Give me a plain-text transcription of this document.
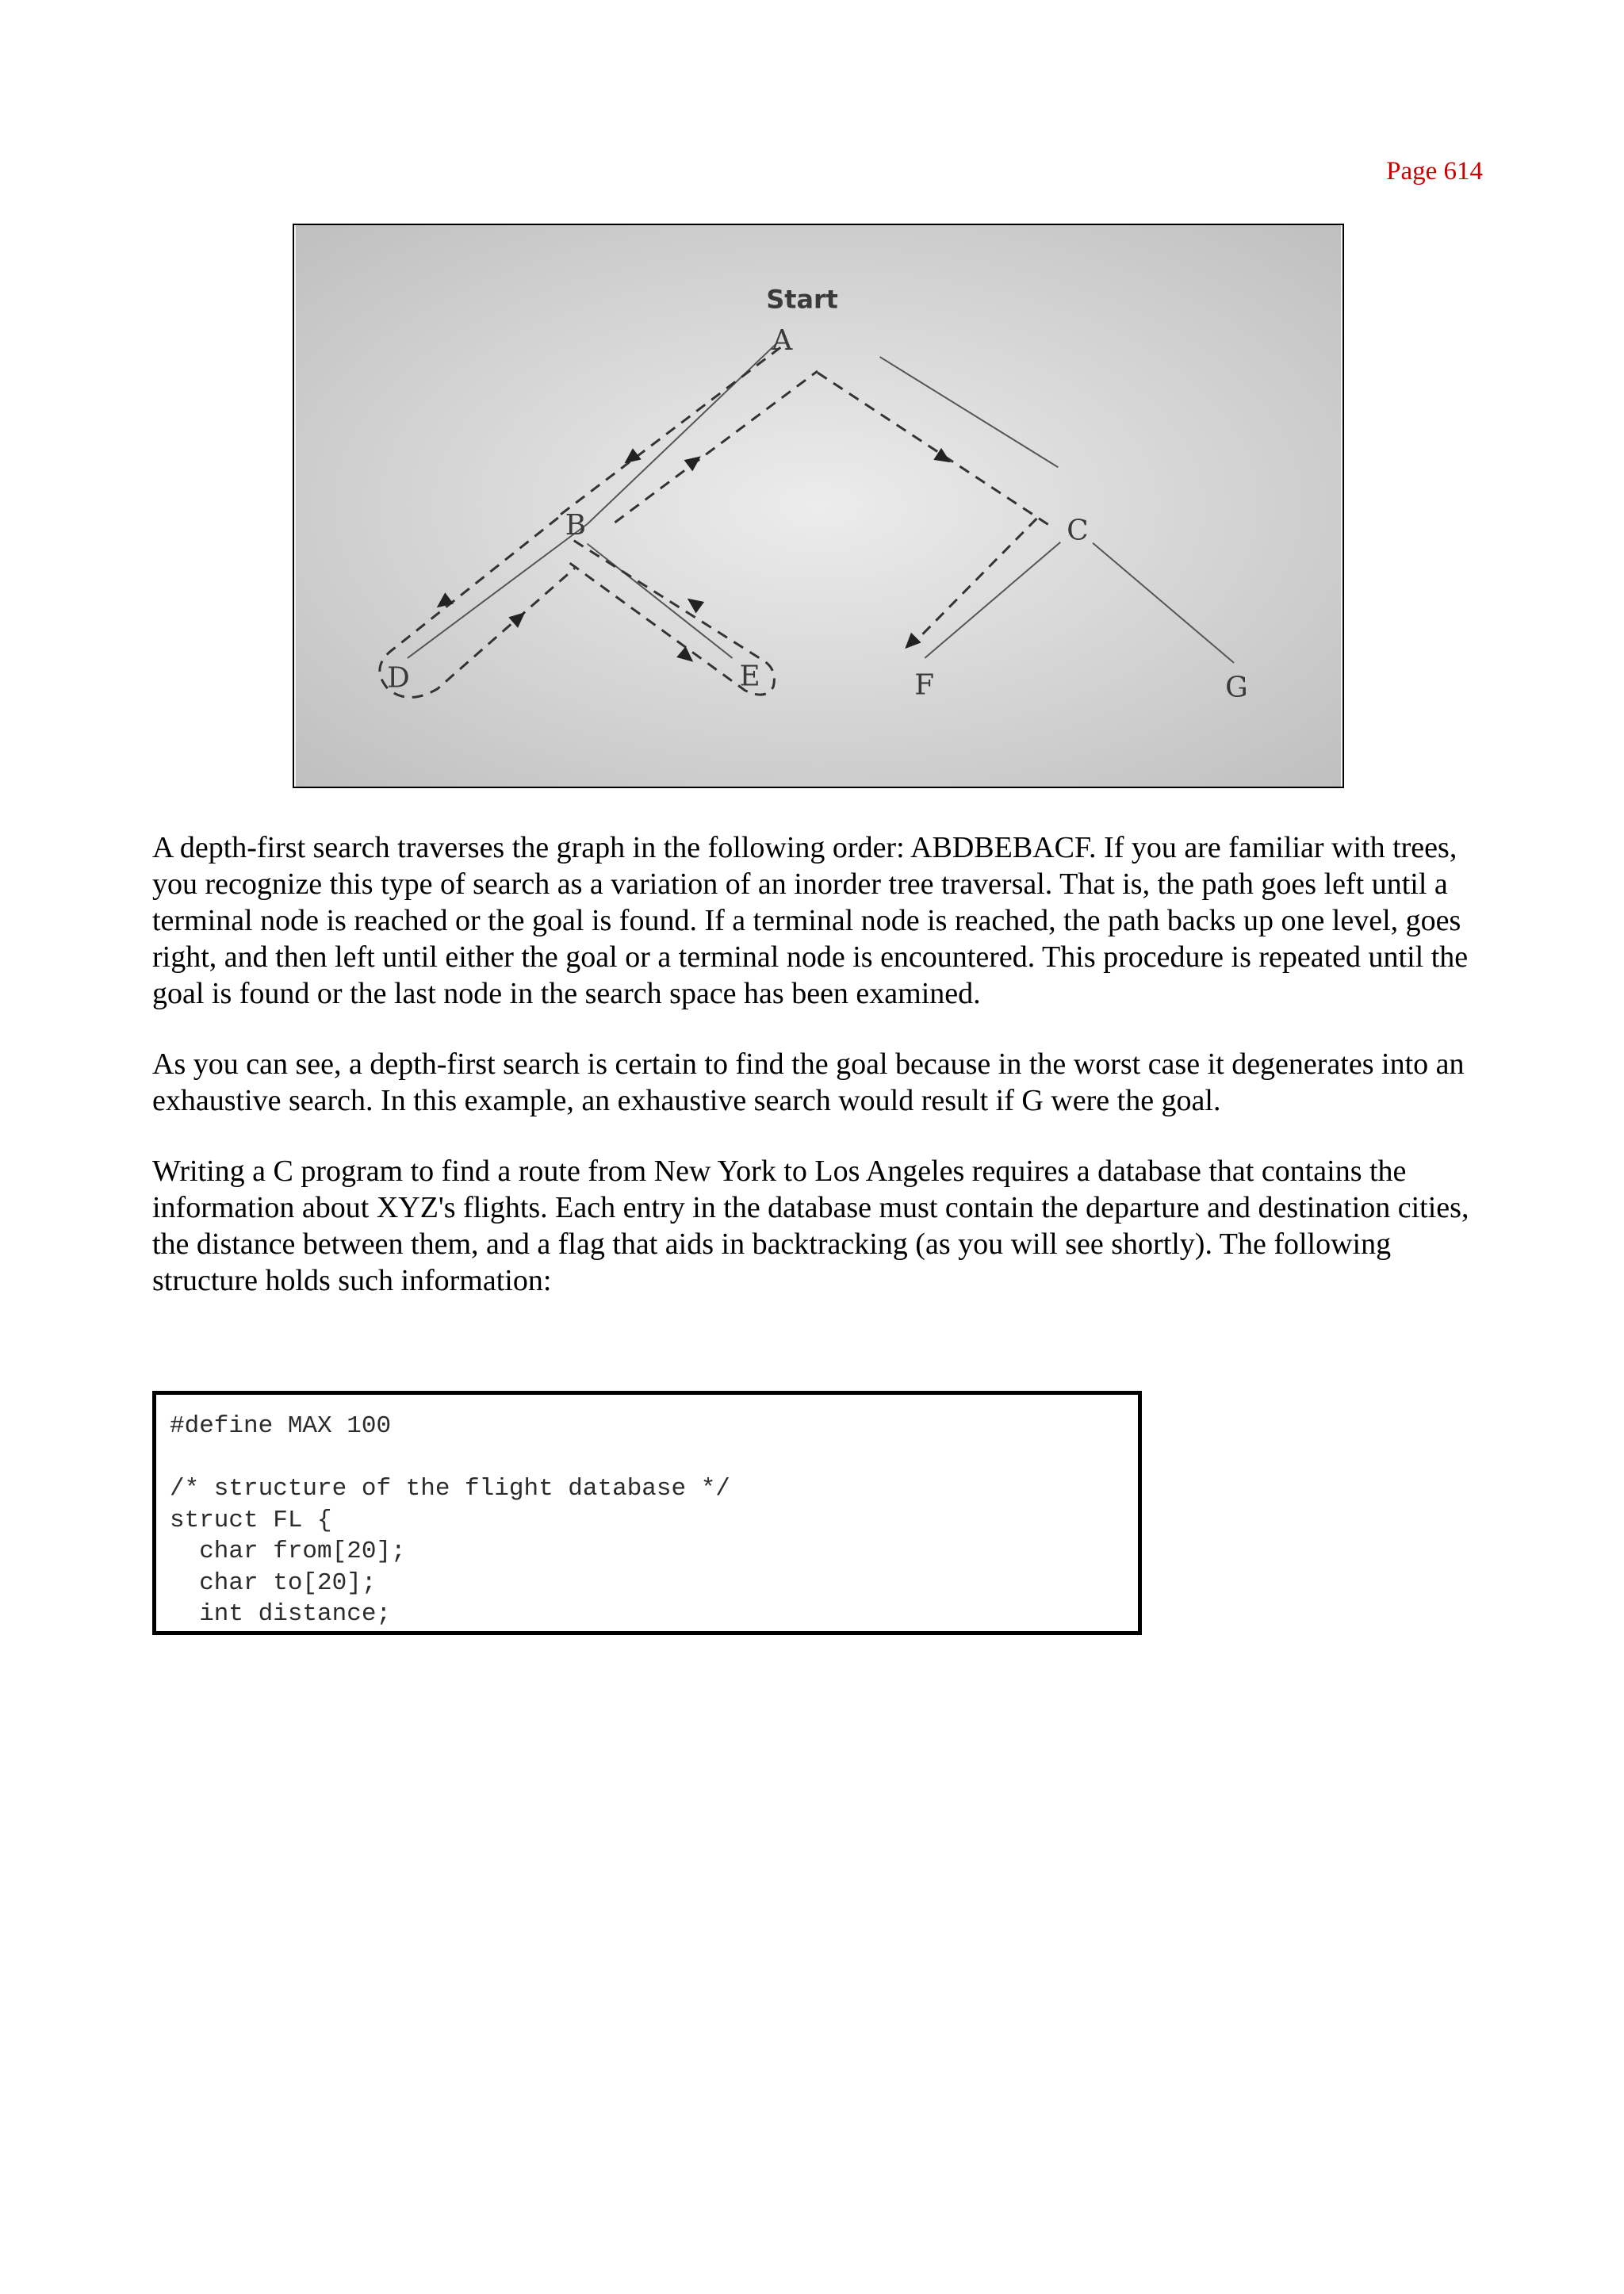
Page 614
Start
A
B	C
D	E	F	G

A depth-first search traverses the graph in the following order: ABDBEBACF. If you are familiar with trees, you recognize this type of search as a variation of an inorder tree traversal. That is, the path goes left until a terminal node is reached or the goal is found. If a terminal node is reached, the path backs up one level, goes right, and then left until either the goal or a terminal node is encountered. This procedure is repeated until the goal is found or the last node in the search space has been examined.

As you can see, a depth-first search is certain to find the goal because in the worst case it degenerates into an exhaustive search. In this example, an exhaustive search would result if G were the goal.

Writing a C program to find a route from New York to Los Angeles requires a database that contains the information about XYZ's flights. Each entry in the database must contain the departure and destination cities, the distance between them, and a flag that aids in backtracking (as you will see shortly). The following structure holds such information:

#define MAX 100
/* structure of the flight database */
struct FL {
char from[20];
char to[20];
int distance;
